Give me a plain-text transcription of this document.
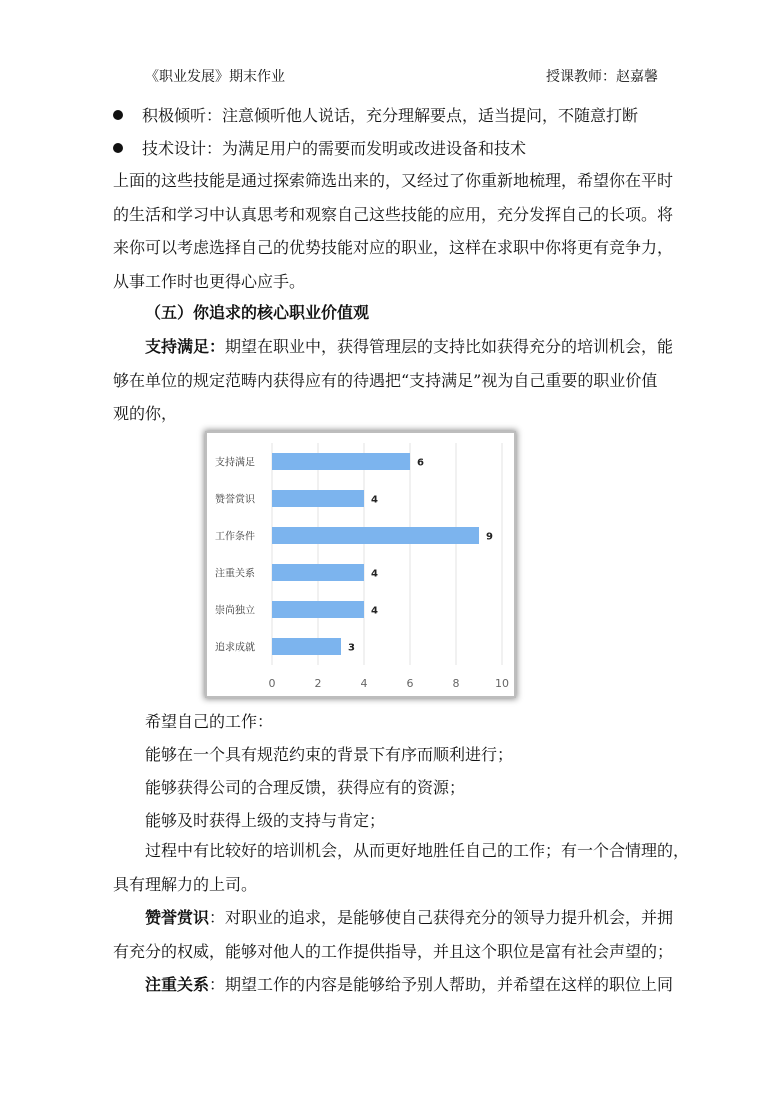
《职业发展》期末作业	授课教师：赵嘉馨
积极倾听：注意倾听他人说话，充分理解要点，适当提问，不随意打断
技术设计：为满足用户的需要而发明或改进设备和技术
上面的这些技能是通过探索筛选出来的，又经过了你重新地梳理，希望你在平时
的生活和学习中认真思考和观察自己这些技能的应用，充分发挥自己的长项。将
来你可以考虑选择自己的优势技能对应的职业，这样在求职中你将更有竞争力，
从事工作时也更得心应手。
（五）你追求的核心职业价值观
支持满足：期望在职业中，获得管理层的支持比如获得充分的培训机会，能
够在单位的规定范畴内获得应有的待遇把“支持满足”视为自己重要的职业价值
观的你，
0	2	4	6	8	10
支持满足	6
赞誉赏识	4
工作条件	9
注重关系	4
崇尚独立	4
追求成就	3
希望自己的工作：
能够在一个具有规范约束的背景下有序而顺利进行；
能够获得公司的合理反馈，获得应有的资源；
能够及时获得上级的支持与肯定；
过程中有比较好的培训机会，从而更好地胜任自己的工作；有一个合情理的，
具有理解力的上司。
赞誉赏识：对职业的追求，是能够使自己获得充分的领导力提升机会，并拥
有充分的权威，能够对他人的工作提供指导，并且这个职位是富有社会声望的；
注重关系：期望工作的内容是能够给予别人帮助，并希望在这样的职位上同
